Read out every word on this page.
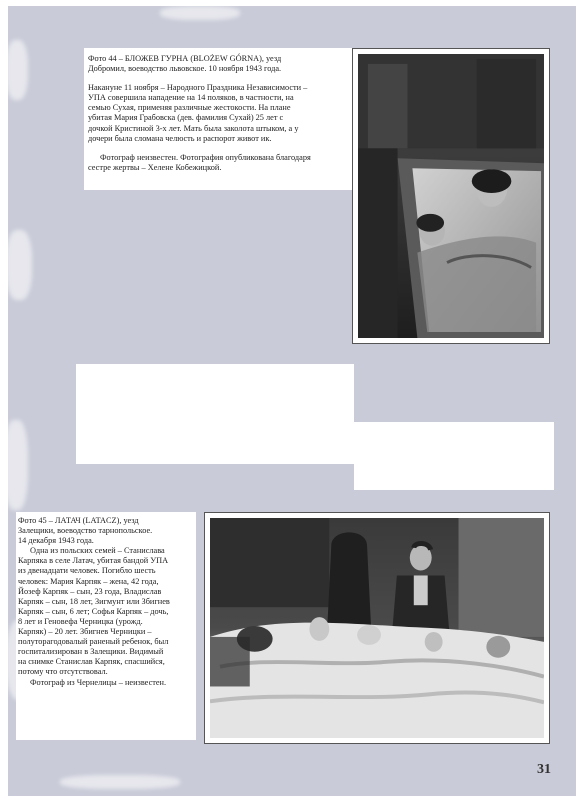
Фото 44 – БЛОЖЕВ ГУРНА (BLOŻEW GÓRNA), уезд

Добромил, воеводство львовское. 10 ноября 1943 года.

Накануне 11 ноября – Народного Праздника Независимости –

УПА совершила нападение на 14 поляков, в частности, на

семью Сухая, применяя различные жестокости. На плане

убитая Мария Грабовска (дев. фамилия Сухай) 25 лет с

дочкой Кристиной 3-х лет. Мать была заколота штыком, а у

дочери была сломана челюсть и распорот живот ик.

Фотограф неизвестен. Фотография опубликована благодаря

сестре жертвы – Хелене Кобежицкой.

Фото 45 – ЛАТАЧ (LATACZ), уезд

Залещики, воеводство тарнопольское.

14 декабря 1943 года.

Одна из польских семей – Станислава

Карпяка в селе Латач, убитая бандой УПА

из двенадцати человек. Погибло шесть

человек: Мария Карпяк – жена, 42 года,

Йозеф Карпяк – сын, 23 года, Владислав

Карпяк – сын, 18 лет, Зигмунт или Збигнев

Карпяк – сын, 6 лет; Софья Карпяк – дочь,

8 лет и Геновефа Черницка (урожд.

Карпяк) – 20 лет. Збигнев Черницки –

полуторагодовалый раненый ребенок, был

госпитализирован в Залещики. Видимый

на снимке Станислав Карпяк, спасшийся,

потому что отсутствовал.

Фотограф из Чернелицы – неизвестен.

31
